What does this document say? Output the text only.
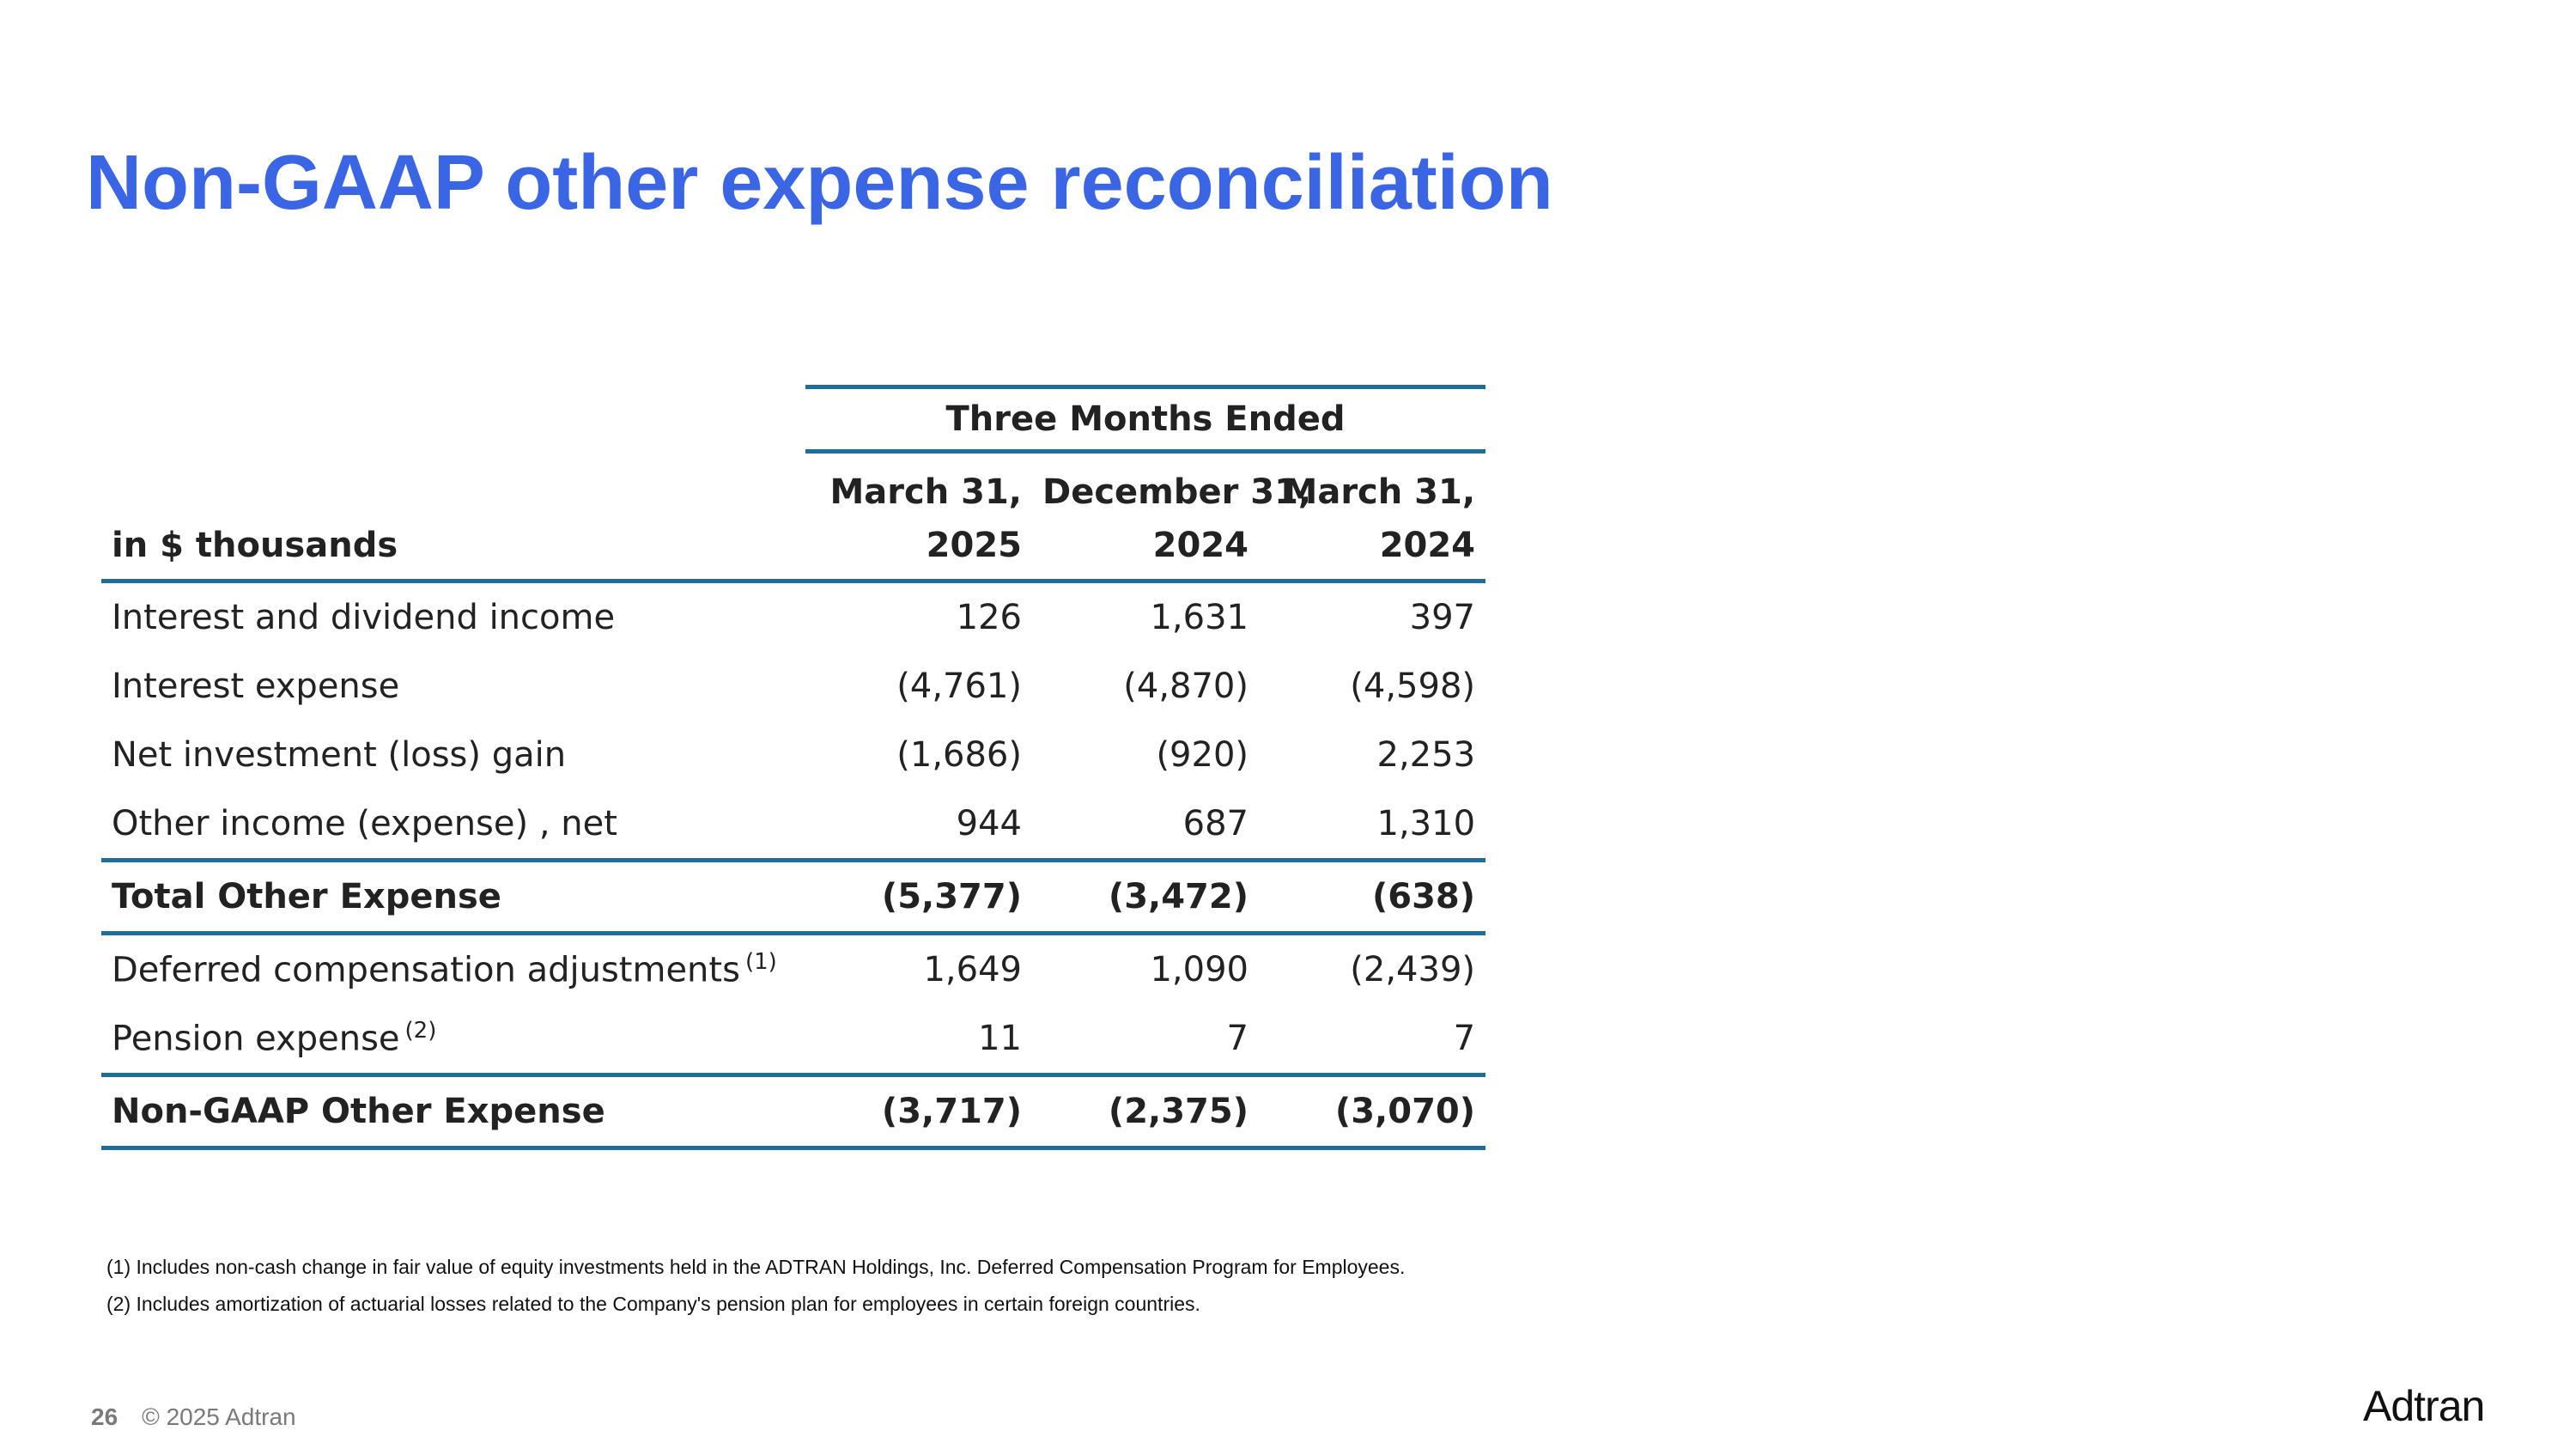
Non-GAAP other expense reconciliation
	Three Months Ended		
	March 31,	December 31,	March 31,
in $ thousands	2025	2024	2024
Interest and dividend income	126	1,631	397
Interest expense	(4,761)	(4,870)	(4,598)
Net investment (loss) gain	(1,686)	(920)	2,253
Other income (expense) , net	944	687	1,310
Total Other Expense	(5,377)	(3,472)	(638)
Deferred compensation adjustments $^{(1)}$	1,649	1,090	(2,439)
Pension expense $^{(2)}$	11	7	7
Non-GAAP Other Expense	(3,717)	(2,375)	(3,070)

(1) Includes non-cash change in fair value of equity investments held in the ADTRAN Holdings, Inc. Deferred Compensation Program for Employees.

(2) Includes amortization of actuarial losses related to the Company's pension plan for employees in certain foreign countries.

26 © 2025 Adtran	Adtran
